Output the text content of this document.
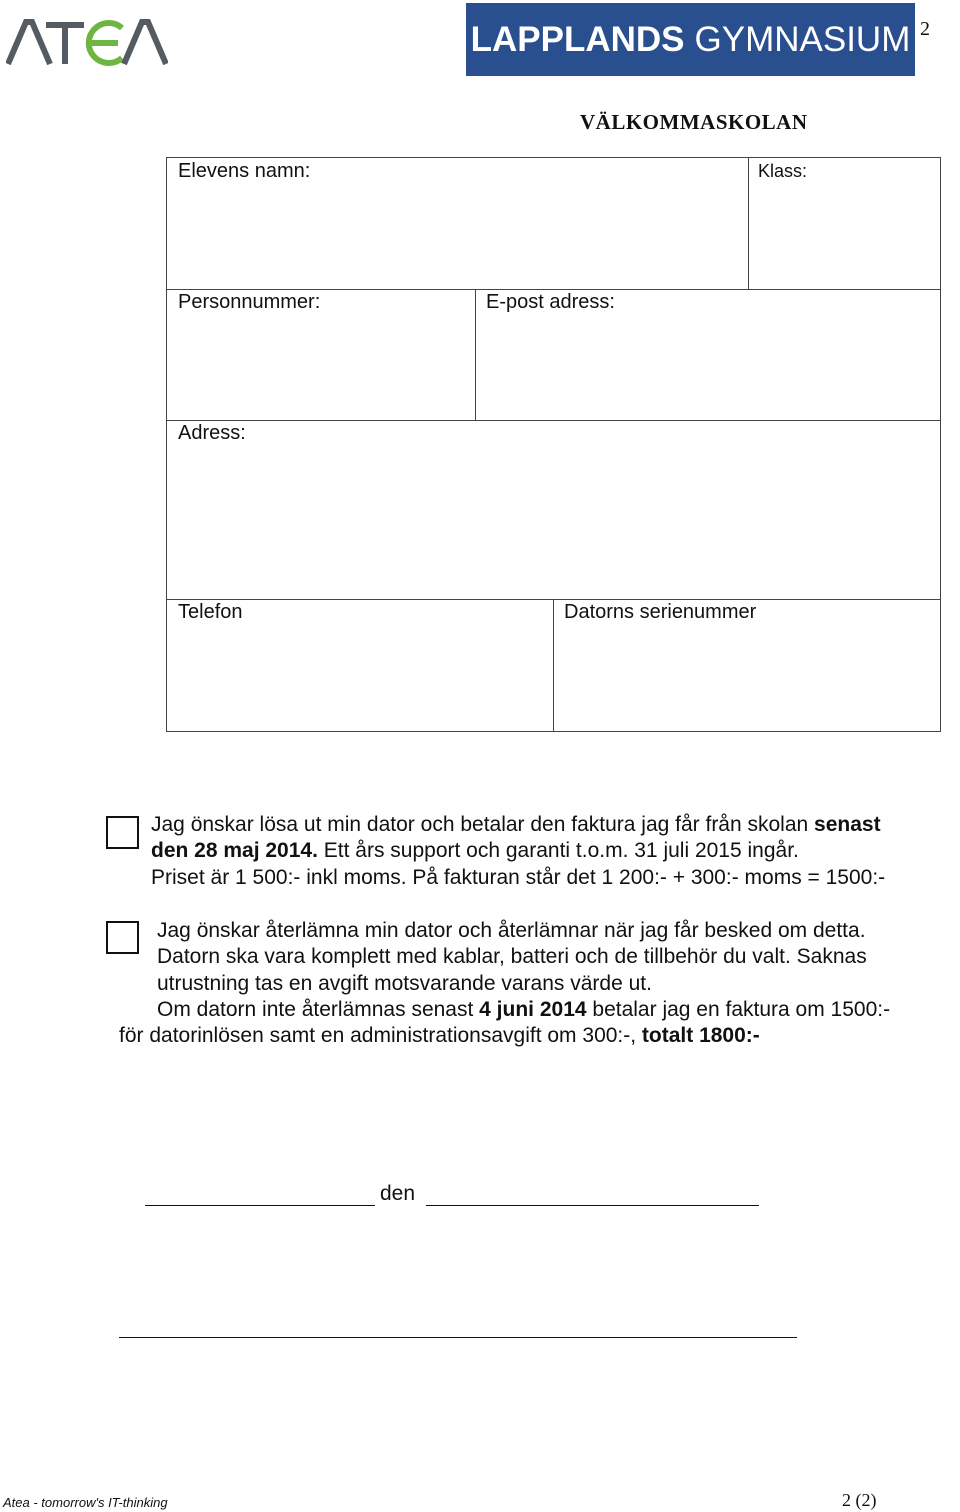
LAPPLANDS GYMNASIUM 2
VÄLKOMMASKOLAN
Elevens namn:	Klass:
Personnummer:	E-post adress:
Adress:
Telefon	Datorns serienummer
Jag önskar lösa ut min dator och betalar den faktura jag får från skolan senast
den 28 maj 2014. Ett års support och garanti t.o.m. 31 juli 2015 ingår.
Priset är 1 500:- inkl moms. På fakturan står det 1 200:- + 300:- moms = 1500:-
Jag önskar återlämna min dator och återlämnar när jag får besked om detta.
Datorn ska vara komplett med kablar, batteri och de tillbehör du valt. Saknas
utrustning tas en avgift motsvarande varans värde ut.
Om datorn inte återlämnas senast 4 juni 2014 betalar jag en faktura om 1500:-
för datorinlösen samt en administrationsavgift om 300:-, totalt 1800:-
den
Atea - tomorrow's IT-thinking	2 (2)
